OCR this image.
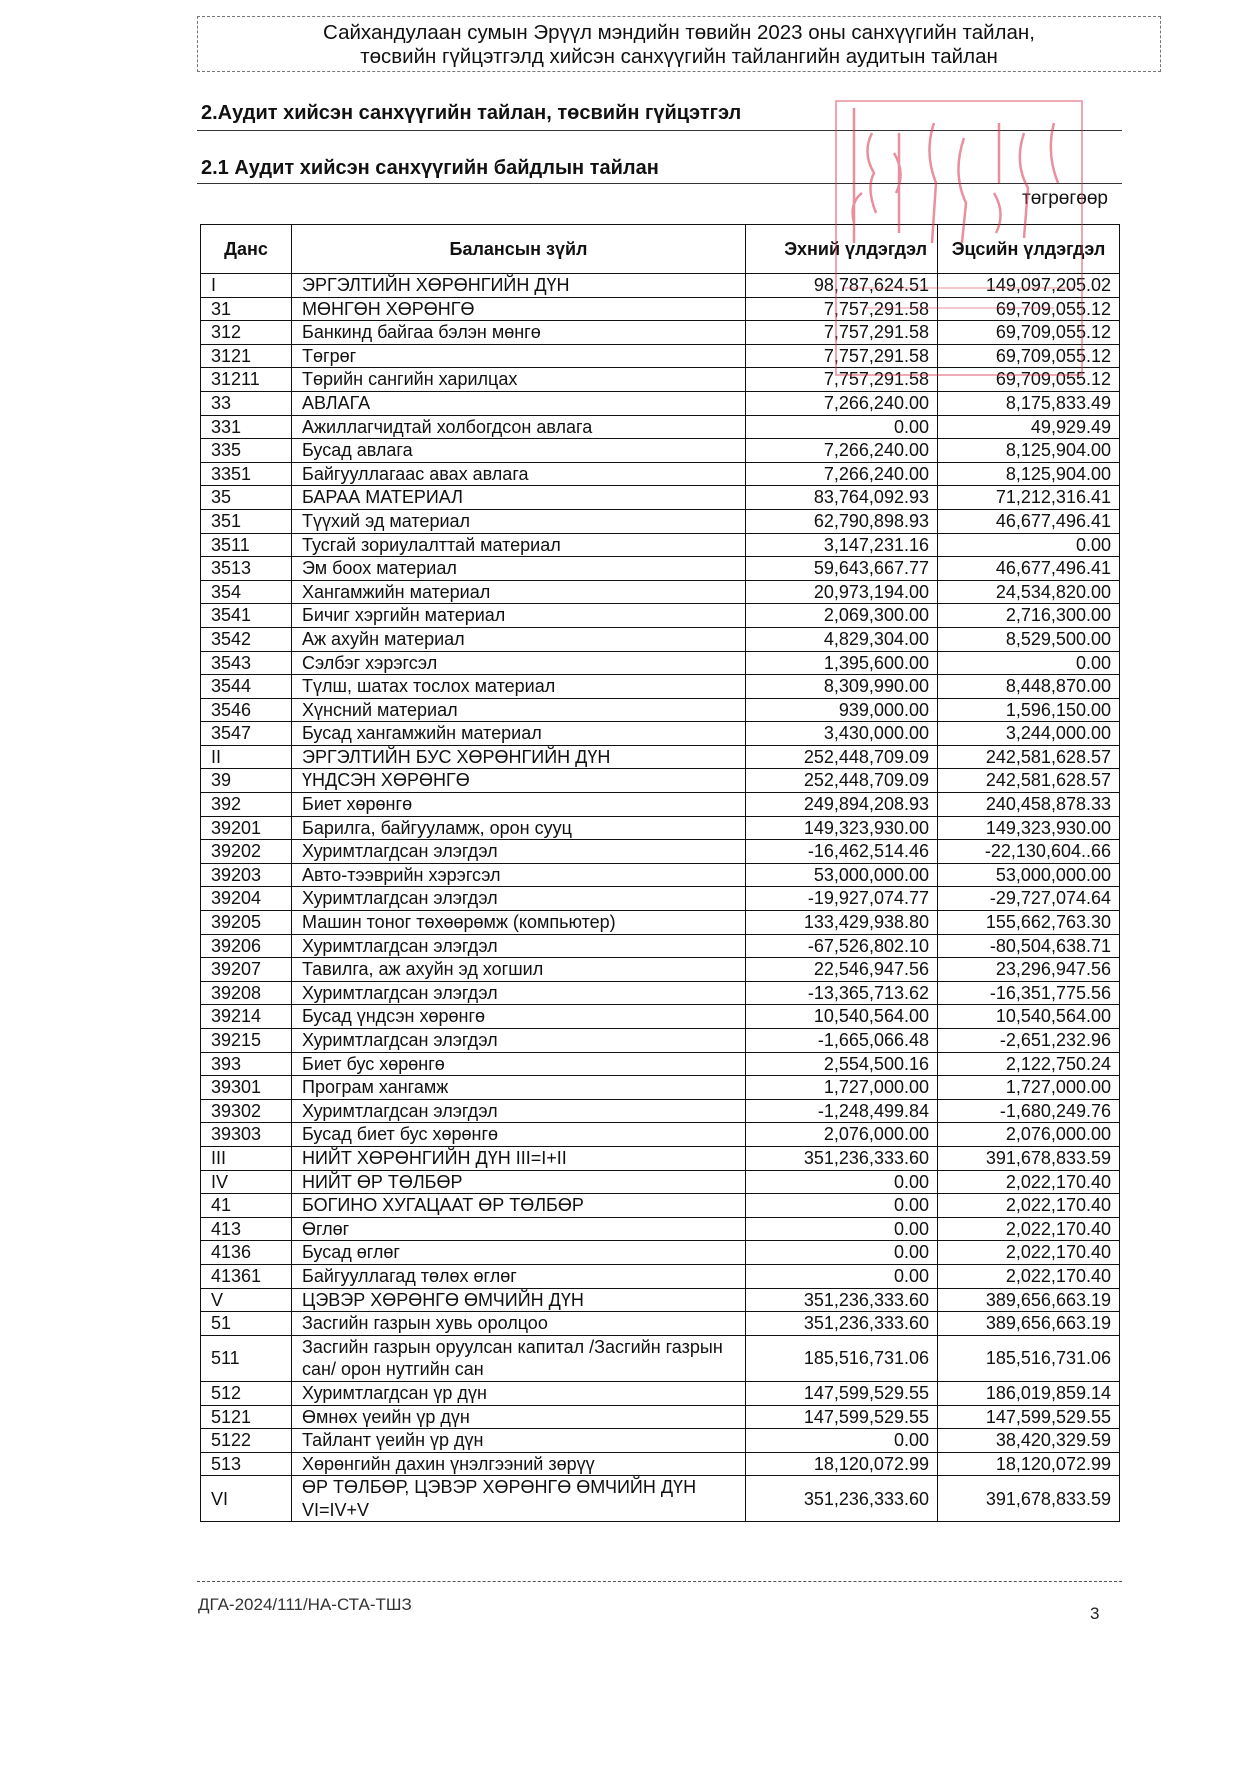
Сайхандулаан сумын Эрүүл мэндийн төвийн 2023 оны санхүүгийн тайлан,
төсвийн гүйцэтгэлд хийсэн санхүүгийн тайлангийн аудитын тайлан
2.Аудит хийсэн санхүүгийн тайлан, төсвийн гүйцэтгэл
2.1 Аудит хийсэн санхүүгийн байдлын тайлан
төгрөгөөр
Данс	Балансын зүйл	Эхний үлдэгдэл	Эцсийн үлдэгдэл
I	ЭРГЭЛТИЙН ХӨРӨНГИЙН ДҮН	98,787,624.51	149,097,205.02
31	МӨНГӨН ХӨРӨНГӨ	7,757,291.58	69,709,055.12
312	Банкинд байгаа бэлэн мөнгө	7,757,291.58	69,709,055.12
3121	Төгрөг	7,757,291.58	69,709,055.12
31211	Төрийн сангийн харилцах	7,757,291.58	69,709,055.12
33	АВЛАГА	7,266,240.00	8,175,833.49
331	Ажиллагчидтай холбогдсон авлага	0.00	49,929.49
335	Бусад авлага	7,266,240.00	8,125,904.00
3351	Байгууллагаас авах авлага	7,266,240.00	8,125,904.00
35	БАРАА МАТЕРИАЛ	83,764,092.93	71,212,316.41
351	Түүхий эд материал	62,790,898.93	46,677,496.41
3511	Тусгай зориулалттай материал	3,147,231.16	0.00
3513	Эм боох материал	59,643,667.77	46,677,496.41
354	Хангамжийн материал	20,973,194.00	24,534,820.00
3541	Бичиг хэргийн материал	2,069,300.00	2,716,300.00
3542	Аж ахуйн материал	4,829,304.00	8,529,500.00
3543	Сэлбэг хэрэгсэл	1,395,600.00	0.00
3544	Түлш, шатах тослох материал	8,309,990.00	8,448,870.00
3546	Хүнсний материал	939,000.00	1,596,150.00
3547	Бусад хангамжийн материал	3,430,000.00	3,244,000.00
II	ЭРГЭЛТИЙН БУС ХӨРӨНГИЙН ДҮН	252,448,709.09	242,581,628.57
39	ҮНДСЭН ХӨРӨНГӨ	252,448,709.09	242,581,628.57
392	Биет хөрөнгө	249,894,208.93	240,458,878.33
39201	Барилга, байгууламж, орон сууц	149,323,930.00	149,323,930.00
39202	Хуримтлагдсан элэгдэл	-16,462,514.46	-22,130,604..66
39203	Авто-тээврийн хэрэгсэл	53,000,000.00	53,000,000.00
39204	Хуримтлагдсан элэгдэл	-19,927,074.77	-29,727,074.64
39205	Машин тоног төхөөрөмж (компьютер)	133,429,938.80	155,662,763.30
39206	Хуримтлагдсан элэгдэл	-67,526,802.10	-80,504,638.71
39207	Тавилга, аж ахуйн эд хогшил	22,546,947.56	23,296,947.56
39208	Хуримтлагдсан элэгдэл	-13,365,713.62	-16,351,775.56
39214	Бусад үндсэн хөрөнгө	10,540,564.00	10,540,564.00
39215	Хуримтлагдсан элэгдэл	-1,665,066.48	-2,651,232.96
393	Биет бус хөрөнгө	2,554,500.16	2,122,750.24
39301	Програм хангамж	1,727,000.00	1,727,000.00
39302	Хуримтлагдсан элэгдэл	-1,248,499.84	-1,680,249.76
39303	Бусад биет бус хөрөнгө	2,076,000.00	2,076,000.00
III	НИЙТ ХӨРӨНГИЙН ДҮН III=I+II	351,236,333.60	391,678,833.59
IV	НИЙТ ӨР ТӨЛБӨР	0.00	2,022,170.40
41	БОГИНО ХУГАЦААТ ӨР ТӨЛБӨР	0.00	2,022,170.40
413	Өглөг	0.00	2,022,170.40
4136	Бусад өглөг	0.00	2,022,170.40
41361	Байгууллагад төлөх өглөг	0.00	2,022,170.40
V	ЦЭВЭР ХӨРӨНГӨ ӨМЧИЙН ДҮН	351,236,333.60	389,656,663.19
51	Засгийн газрын хувь оролцоо	351,236,333.60	389,656,663.19
511	Засгийн газрын оруулсан капитал /Засгийн газрын сан/ орон нутгийн сан	185,516,731.06	185,516,731.06
512	Хуримтлагдсан үр дүн	147,599,529.55	186,019,859.14
5121	Өмнөх үеийн үр дүн	147,599,529.55	147,599,529.55
5122	Тайлант үеийн үр дүн	0.00	38,420,329.59
513	Хөрөнгийн дахин үнэлгээний зөрүү	18,120,072.99	18,120,072.99
VI	ӨР ТӨЛБӨР, ЦЭВЭР ХӨРӨНГӨ ӨМЧИЙН ДҮН VI=IV+V	351,236,333.60	391,678,833.59
ДГА-2024/111/НА-СТА-ТШЗ	3
